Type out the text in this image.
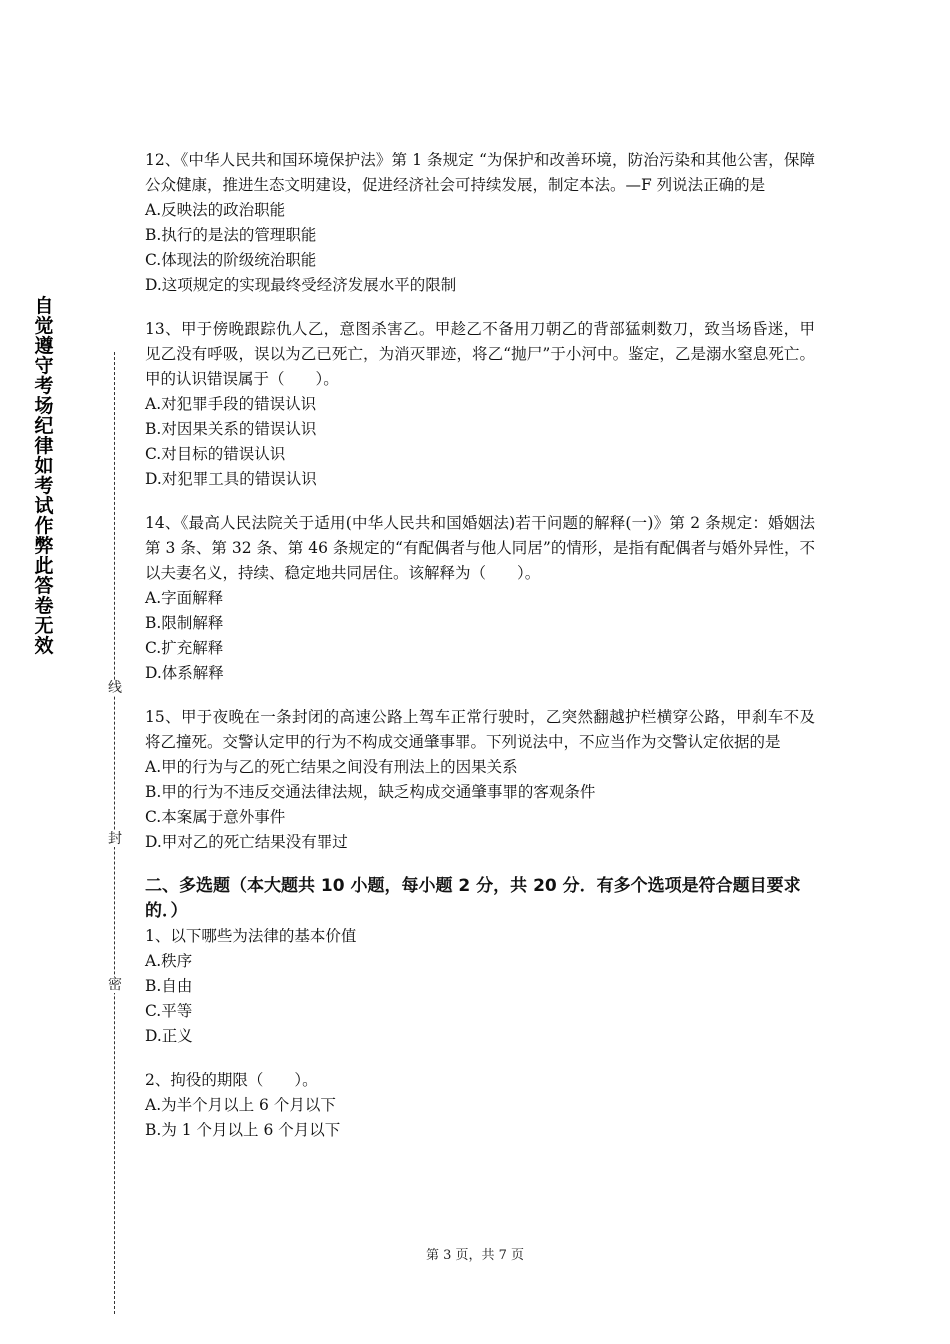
自觉遵守考场纪律如考试作弊此答卷无效
线
封
密

12、《中华人民共和国环境保护法》第 1 条规定 “为保护和改善环境，防治污染和其他公害，保障公众健康，推进生态文明建设，促进经济社会可持续发展，制定本法。—F 列说法正确的是

A.反映法的政治职能

B.执行的是法的管理职能

C.体现法的阶级统治职能

D.这项规定的实现最终受经济发展水平的限制

13、甲于傍晚跟踪仇人乙，意图杀害乙。甲趁乙不备用刀朝乙的背部猛刺数刀，致当场昏迷，甲见乙没有呼吸，误以为乙已死亡，为消灭罪迹，将乙“抛尸”于小河中。鉴定，乙是溺水窒息死亡。甲的认识错误属于（　　）。

A.对犯罪手段的错误认识

B.对因果关系的错误认识

C.对目标的错误认识

D.对犯罪工具的错误认识

14、《最高人民法院关于适用(中华人民共和国婚姻法)若干问题的解释(一)》第 2 条规定：婚姻法第 3 条、第 32 条、第 46 条规定的“有配偶者与他人同居”的情形，是指有配偶者与婚外异性，不以夫妻名义，持续、稳定地共同居住。该解释为（　　）。

A.字面解释

B.限制解释

C.扩充解释

D.体系解释

15、甲于夜晚在一条封闭的高速公路上驾车正常行驶时，乙突然翻越护栏横穿公路，甲刹车不及将乙撞死。交警认定甲的行为不构成交通肇事罪。下列说法中，不应当作为交警认定依据的是

A.甲的行为与乙的死亡结果之间没有刑法上的因果关系

B.甲的行为不违反交通法律法规，缺乏构成交通肇事罪的客观条件

C.本案属于意外事件

D.甲对乙的死亡结果没有罪过

二、多选题（本大题共 10 小题，每小题 2 分，共 20 分．有多个选项是符合题目要求的．）

1、以下哪些为法律的基本价值

A.秩序

B.自由

C.平等

D.正义

2、拘役的期限（　　）。

A.为半个月以上 6 个月以下

B.为 1 个月以上 6 个月以下

第 3 页，共 7 页
